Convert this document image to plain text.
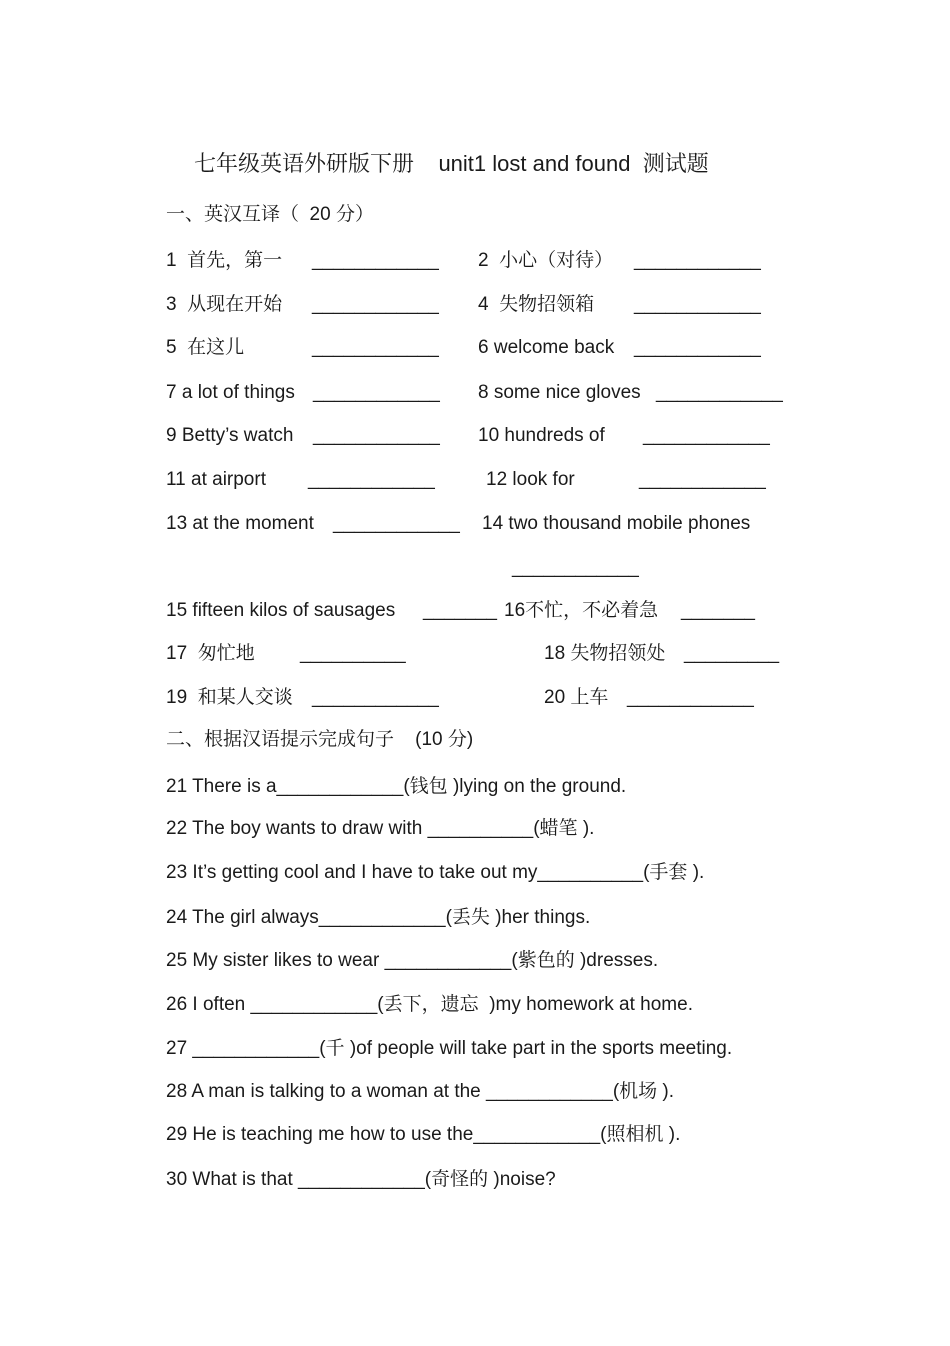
七年级英语外研版下册    unit1 lost and found  测试题
一、英汉互译（  20 分）
1  首先，第一 ____________ 2  小心（对待） ____________
3  从现在开始 ____________ 4  失物招领箱 ____________
5  在这儿	____________ 6 welcome back ____________
7 a lot of things ____________ 8 some nice gloves ____________
9 Betty’s watch ____________ 10 hundreds of ____________
11 at airport ____________	12 look for	____________
13 at the moment ____________ 14 two thousand mobile phones
____________
15 fifteen kilos of sausages _______ 16不忙，不必着急 _______
17  匆忙地 __________	18 失物招领处 _________
19  和某人交谈 ____________	20 上车 ____________
二、根据汉语提示完成句子    (10 分)
21 There is a____________(钱包 )lying on the ground.
22 The boy wants to draw with __________(蜡笔 ).
23 It’s getting cool and I have to take out my__________(手套 ).
24 The girl always____________(丢失 )her things.
25 My sister likes to wear ____________(紫色的 )dresses.
26 I often ____________(丢下，遗忘  )my homework at home.
27 ____________(千 )of people will take part in the sports meeting.
28 A man is talking to a woman at the ____________(机场 ).
29 He is teaching me how to use the____________(照相机 ).
30 What is that ____________(奇怪的 )noise?
